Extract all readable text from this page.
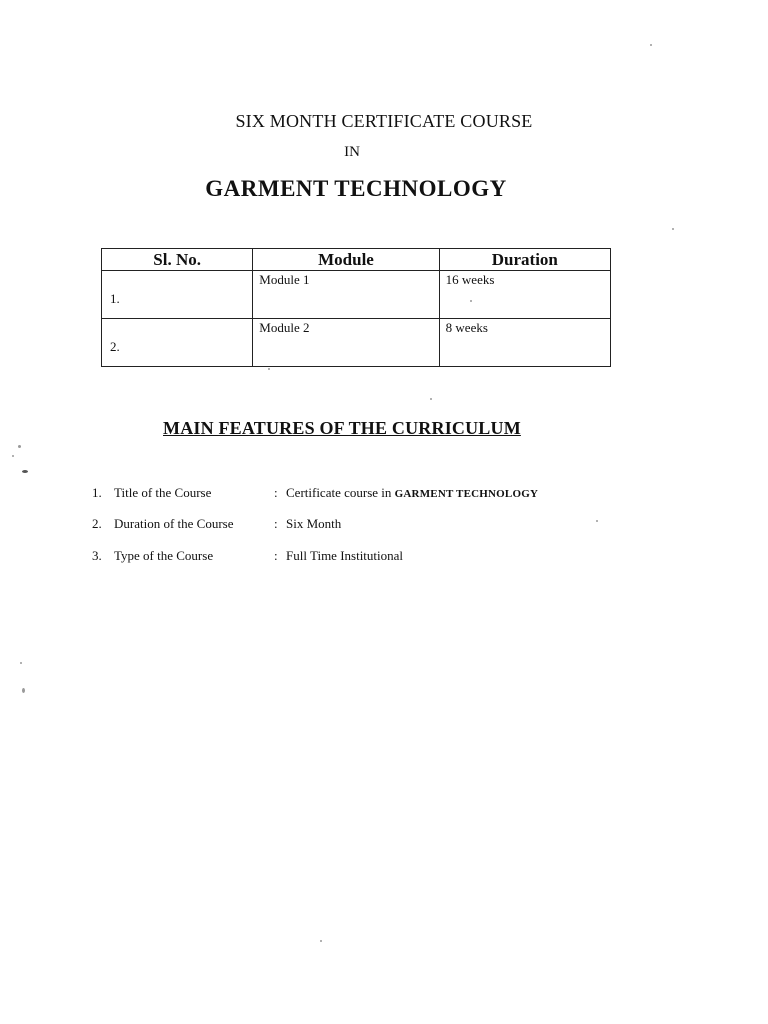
SIX MONTH CERTIFICATE COURSE
IN
GARMENT TECHNOLOGY
Sl. No.	Module	Duration

1.	Module 1	16 weeks

2.	Module 2	8 weeks
MAIN FEATURES OF THE CURRICULUM
1. Title of the Course	: Certificate course in GARMENT TECHNOLOGY
2. Duration of the Course	: Six Month
3. Type of the Course	: Full Time Institutional
